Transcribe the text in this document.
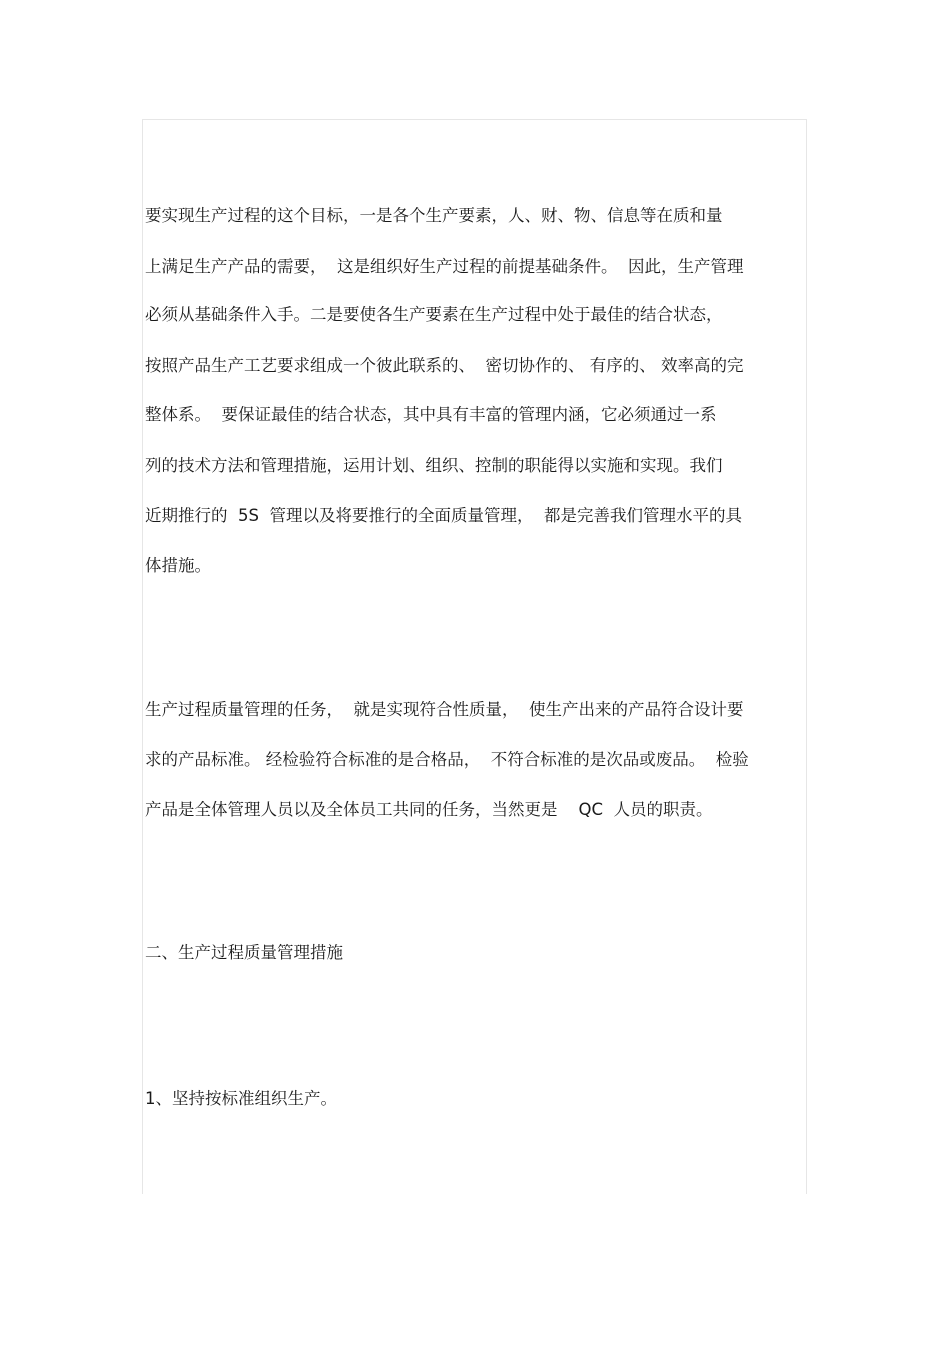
要实现生产过程的这个目标，一是各个生产要素，人、财、物、信息等在质和量
上满足生产产品的需要，  这是组织好生产过程的前提基础条件。  因此，生产管理
必须从基础条件入手。二是要使各生产要素在生产过程中处于最佳的结合状态，
按照产品生产工艺要求组成一个彼此联系的、  密切协作的、 有序的、 效率高的完
整体系。  要保证最佳的结合状态，其中具有丰富的管理内涵，它必须通过一系
列的技术方法和管理措施，运用计划、组织、控制的职能得以实施和实现。我们
近期推行的  5S  管理以及将要推行的全面质量管理，  都是完善我们管理水平的具
体措施。
生产过程质量管理的任务，  就是实现符合性质量，  使生产出来的产品符合设计要
求的产品标准。 经检验符合标准的是合格品，  不符合标准的是次品或废品。  检验
产品是全体管理人员以及全体员工共同的任务，当然更是    QC  人员的职责。
二、生产过程质量管理措施
1、坚持按标准组织生产。
